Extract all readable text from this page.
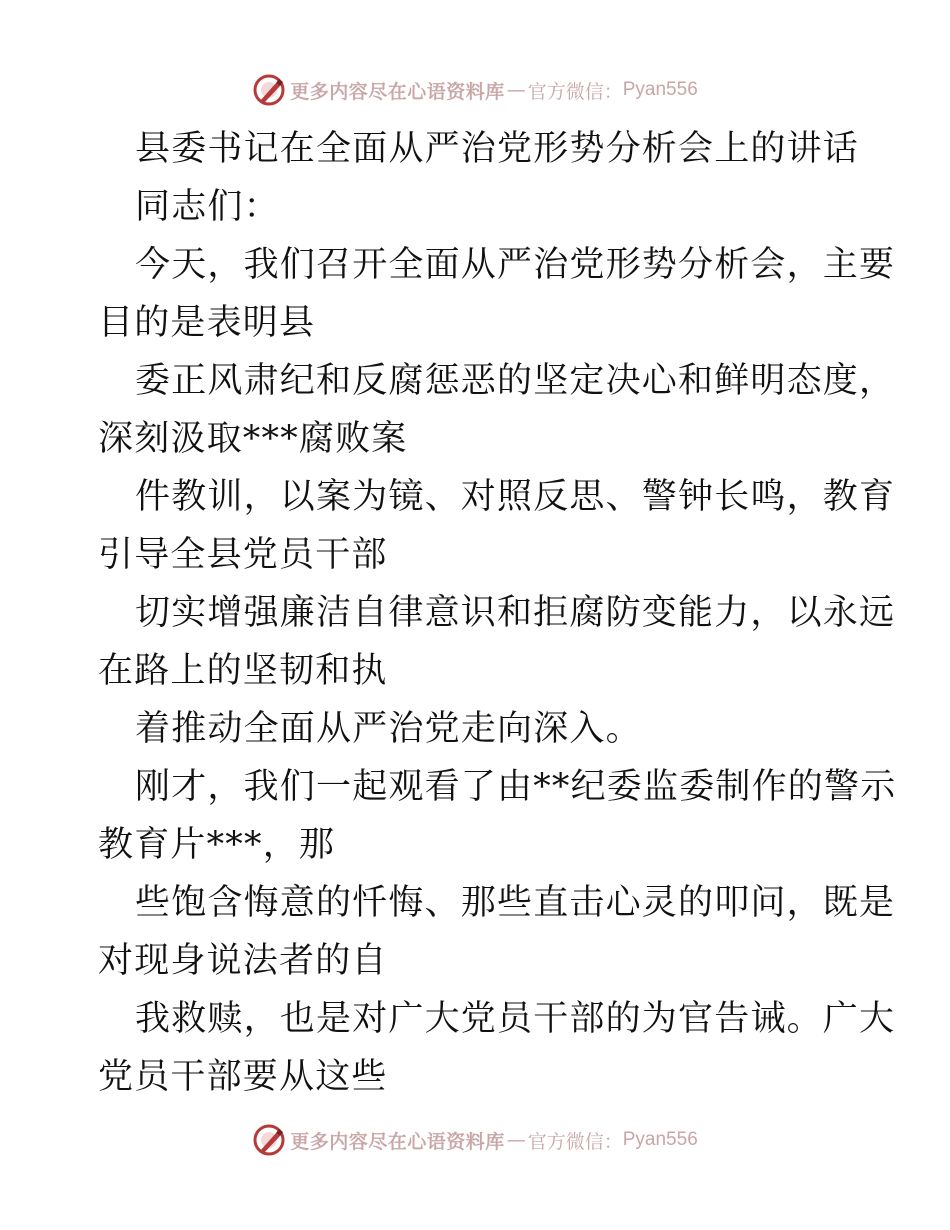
更多内容尽在心语资料库 — 官方微信： Pyan556
县委书记在全面从严治党形势分析会上的讲话
同志们：
今天，我们召开全面从严治党形势分析会，主要
目的是表明县
委正风肃纪和反腐惩恶的坚定决心和鲜明态度，
深刻汲取***腐败案
件教训，以案为镜、对照反思、警钟长鸣，教育
引导全县党员干部
切实增强廉洁自律意识和拒腐防变能力，以永远
在路上的坚韧和执
着推动全面从严治党走向深入。
刚才，我们一起观看了由**纪委监委制作的警示
教育片***，那
些饱含悔意的忏悔、那些直击心灵的叩问，既是
对现身说法者的自
我救赎，也是对广大党员干部的为官告诫。广大
党员干部要从这些
更多内容尽在心语资料库 — 官方微信： Pyan556
